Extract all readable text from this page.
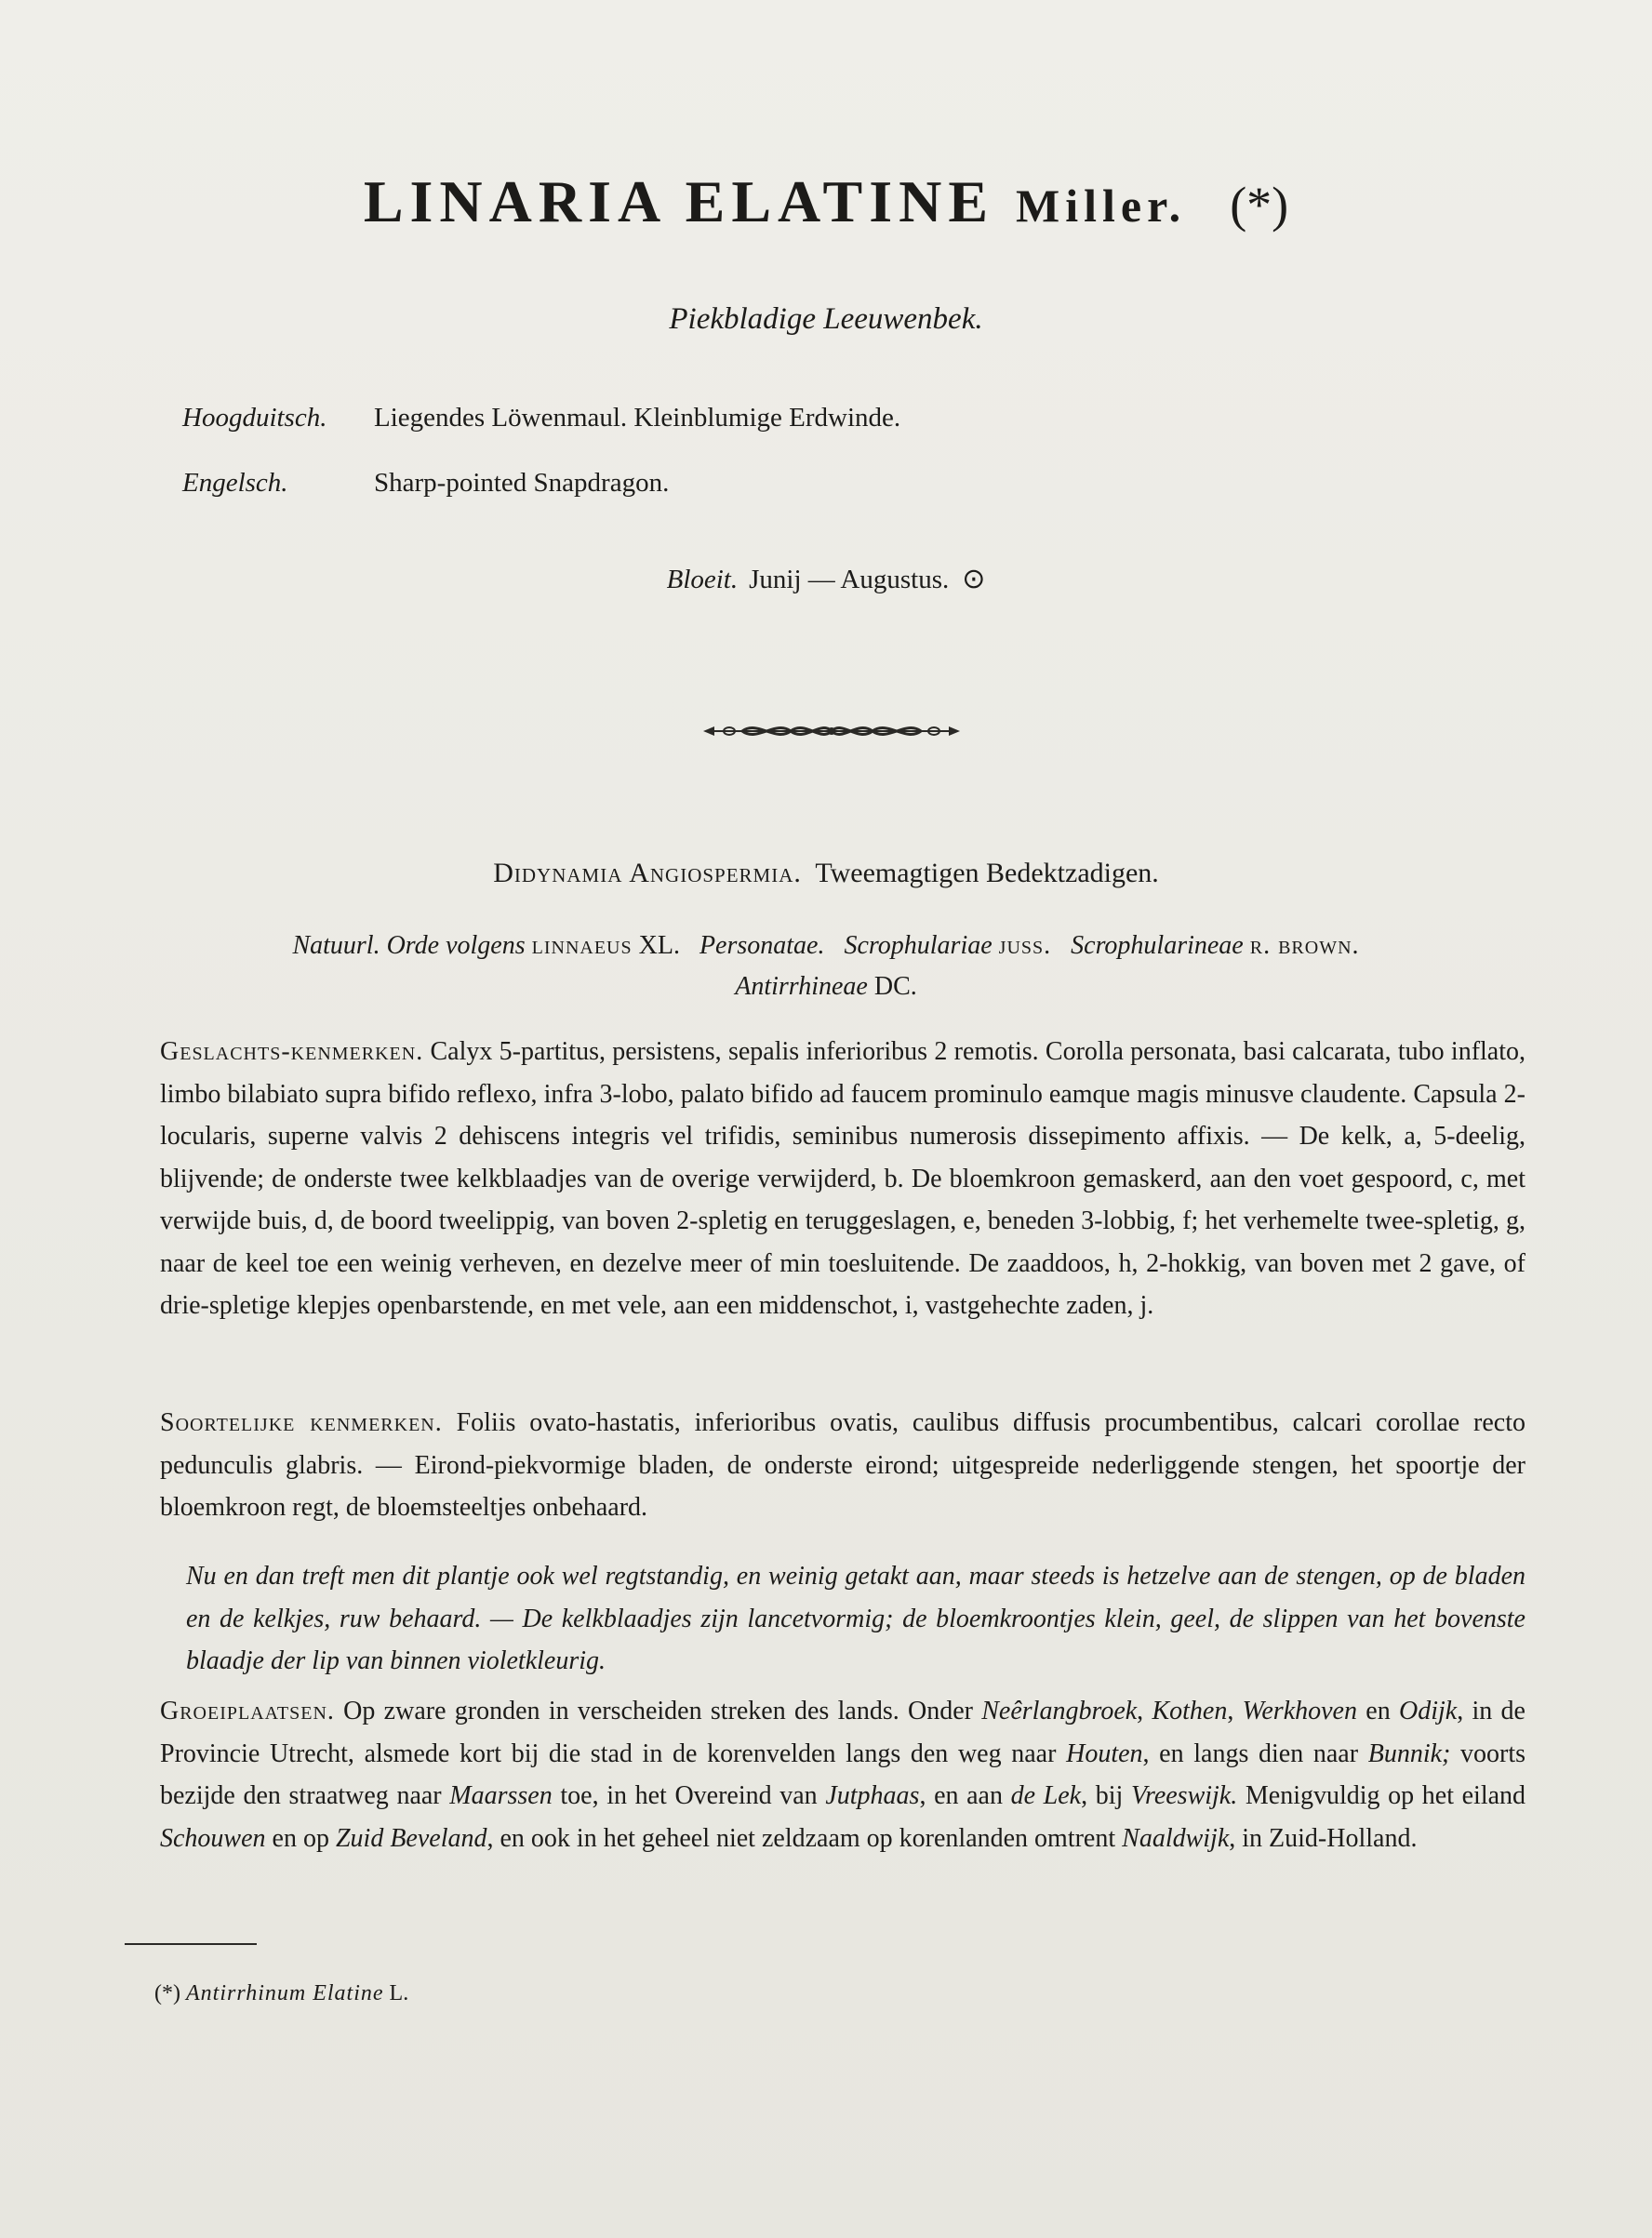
LINARIA ELATINE Miller. (*)
Piekbladige Leeuwenbek.
Hoogduitsch. Liegendes Löwenmaul. Kleinblumige Erdwinde.
Engelsch.	Sharp-pointed Snapdragon.
Bloeit. Junij — Augustus. ⊙
Didynamia Angiospermia. Tweemagtigen Bedektzadigen.
Natuurl. Orde volgens linnaeus XL. Personatae. Scrophulariae juss. Scrophularineae r. brown.
Antirrhineae DC.
Geslachts-kenmerken. Calyx 5-partitus, persistens, sepalis inferioribus 2 remotis. Corolla personata, basi calcarata, tubo inflato, limbo bilabiato supra bifido reflexo, infra 3-lobo, palato bifido ad faucem prominulo eamque magis minusve claudente. Capsula 2-locularis, superne valvis 2 dehiscens integris vel trifidis, seminibus numerosis dissepimento affixis. — De kelk, a, 5-deelig, blijvende; de onderste twee kelkblaadjes van de overige verwijderd, b. De bloemkroon gemaskerd, aan den voet gespoord, c, met verwijde buis, d, de boord tweelippig, van boven 2-spletig en teruggeslagen, e, beneden 3-lobbig, f; het verhemelte twee-spletig, g, naar de keel toe een weinig verheven, en dezelve meer of min toesluitende. De zaaddoos, h, 2-hokkig, van boven met 2 gave, of drie-spletige klepjes openbarstende, en met vele, aan een middenschot, i, vastgehechte zaden, j.
Soortelijke kenmerken. Foliis ovato-hastatis, inferioribus ovatis, caulibus diffusis procumbentibus, calcari corollae recto pedunculis glabris. — Eirond-piekvormige bladen, de onderste eirond; uitgespreide nederliggende stengen, het spoortje der bloemkroon regt, de bloemsteeltjes onbehaard.
Nu en dan treft men dit plantje ook wel regtstandig, en weinig getakt aan, maar steeds is hetzelve aan de stengen, op de bladen en de kelkjes, ruw behaard. — De kelkblaadjes zijn lancetvormig; de bloemkroontjes klein, geel, de slippen van het bovenste blaadje der lip van binnen violetkleurig.
Groeiplaatsen. Op zware gronden in verscheiden streken des lands. Onder Neêrlangbroek, Kothen, Werkhoven en Odijk, in de Provincie Utrecht, alsmede kort bij die stad in de korenvelden langs den weg naar Houten, en langs dien naar Bunnik; voorts bezijde den straatweg naar Maarssen toe, in het Overeind van Jutphaas, en aan de Lek, bij Vreeswijk. Menigvuldig op het eiland Schouwen en op Zuid Beveland, en ook in het geheel niet zeldzaam op korenlanden omtrent Naaldwijk, in Zuid-Holland.
(*) Antirrhinum Elatine L.
